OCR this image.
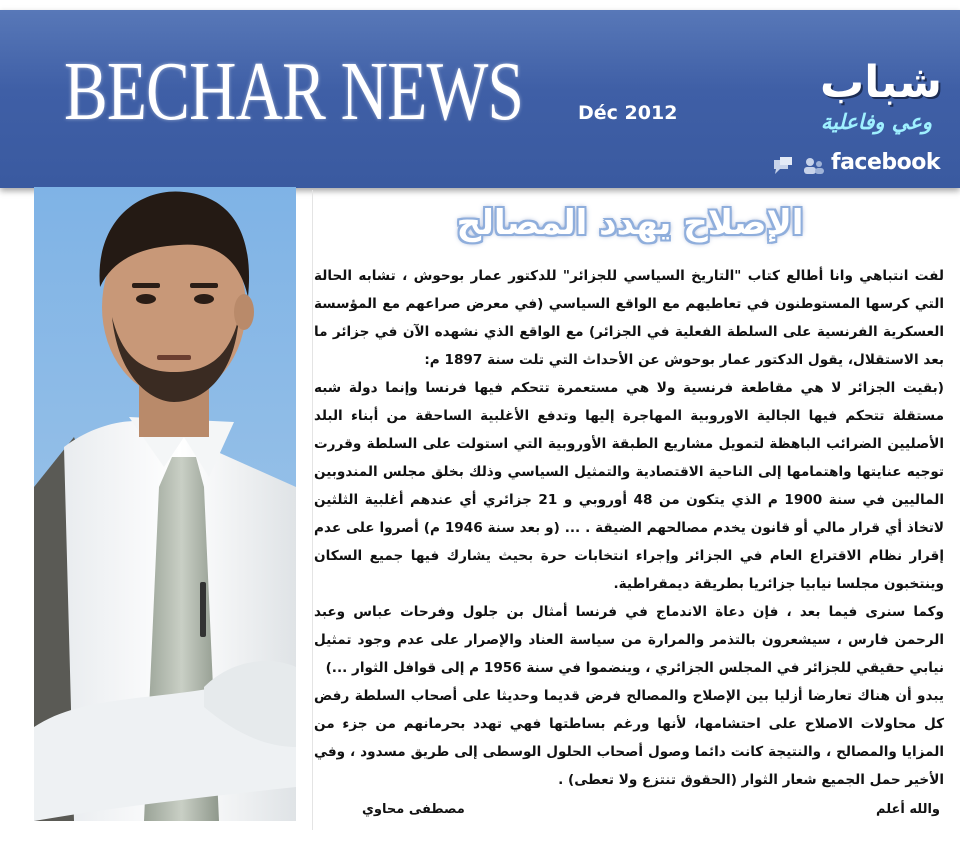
BECHAR NEWS	Déc 2012
شباب
وعي وفاعلية
facebook
الإصلاح يهدد المصالح

لفت انتباهي وانا أطالع كتاب "التاريخ السياسي للجزائر" للدكتور عمار بوحوش ، تشابه الحالة التي كرسها المستوطنون في تعاطيهم مع الواقع السياسي (في معرض صراعهم مع المؤسسة العسكرية الفرنسية على السلطة الفعلية في الجزائر) مع الواقع الذي نشهده الآن في جزائر ما بعد الاستقلال، يقول الدكتور عمار بوحوش عن الأحداث التي تلت سنة 1897 م:

(بقيت الجزائر لا هي مقاطعة فرنسية ولا هي مستعمرة تتحكم فيها فرنسا وإنما دولة شبه مستقلة تتحكم فيها الجالية الاوروبية المهاجرة إليها وتدفع الأغلبية الساحقة من أبناء البلد الأصليين الضرائب الباهظة لتمويل مشاريع الطبقة الأوروبية التي استولت على السلطة وقررت توجيه عنايتها واهتمامها إلى الناحية الاقتصادية والتمثيل السياسي وذلك بخلق مجلس المندوبين الماليين في سنة 1900 م الذي يتكون من 48 أوروبي و 21 جزائري أي عندهم أغلبية الثلثين لاتخاذ أي قرار مالي أو قانون يخدم مصالحهم الضيقة . ... (و بعد سنة 1946 م) أصروا على عدم إقرار نظام الاقتراع العام في الجزائر وإجراء انتخابات حرة بحيث يشارك فيها جميع السكان وينتخبون مجلسا نيابيا جزائريا بطريقة ديمقراطية.

وكما سنرى فيما بعد ، فإن دعاة الاندماج في فرنسا أمثال بن جلول وفرحات عباس وعبد الرحمن فارس ، سيشعرون بالتذمر والمرارة من سياسة العناد والإصرار على عدم وجود تمثيل نيابي حقيقي للجزائر في المجلس الجزائري ، وينضموا في سنة 1956 م إلى قوافل الثوار ...)

يبدو أن هناك تعارضا أزليا بين الإصلاح والمصالح فرض قديما وحديثا على أصحاب السلطة رفض كل محاولات الاصلاح على احتشامها، لأنها ورغم بساطتها فهي تهدد بحرمانهم من جزء من المزايا والمصالح ، والنتيجة كانت دائما وصول أصحاب الحلول الوسطى إلى طريق مسدود ، وفي الأخير حمل الجميع شعار الثوار (الحقوق تنتزع ولا تعطى) .

والله أعلم
مصطفى محاوي
